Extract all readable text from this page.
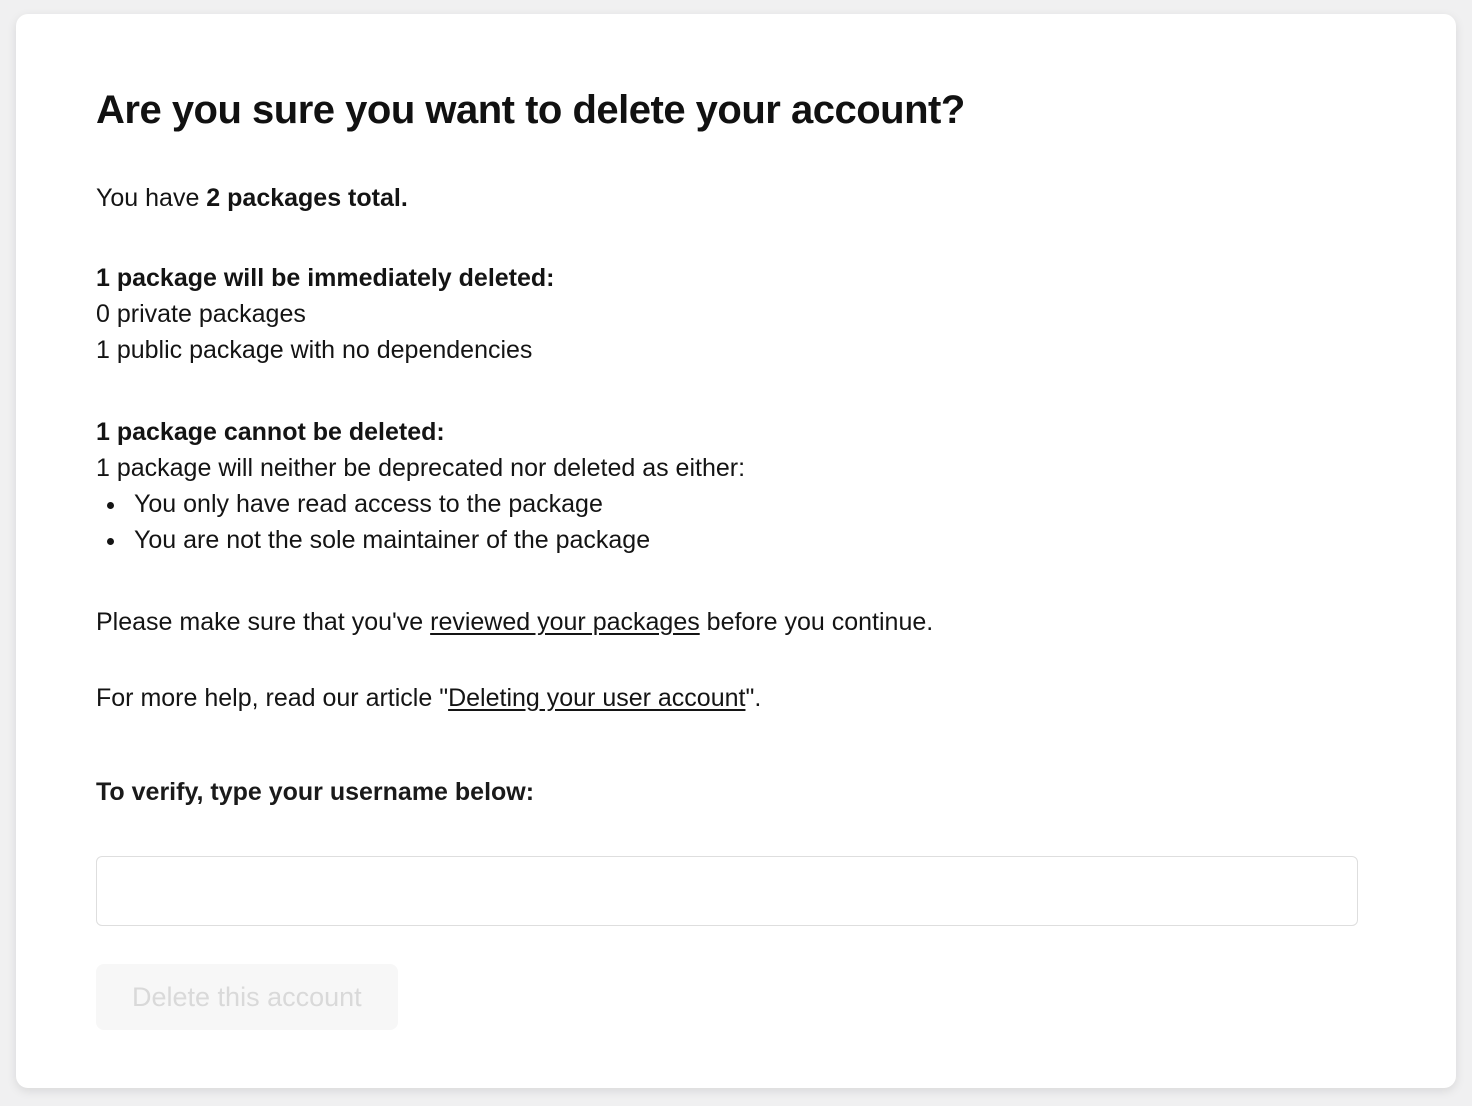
Are you sure you want to delete your account?

You have 2 packages total.

1 package will be immediately deleted:
0 private packages
1 public package with no dependencies
1 package cannot be deleted:
1 package will neither be deprecated nor deleted as either:
• You only have read access to the package
• You are not the sole maintainer of the package

Please make sure that you've reviewed your packages before you continue.

For more help, read our article "Deleting your user account".

To verify, type your username below:

Delete this account
